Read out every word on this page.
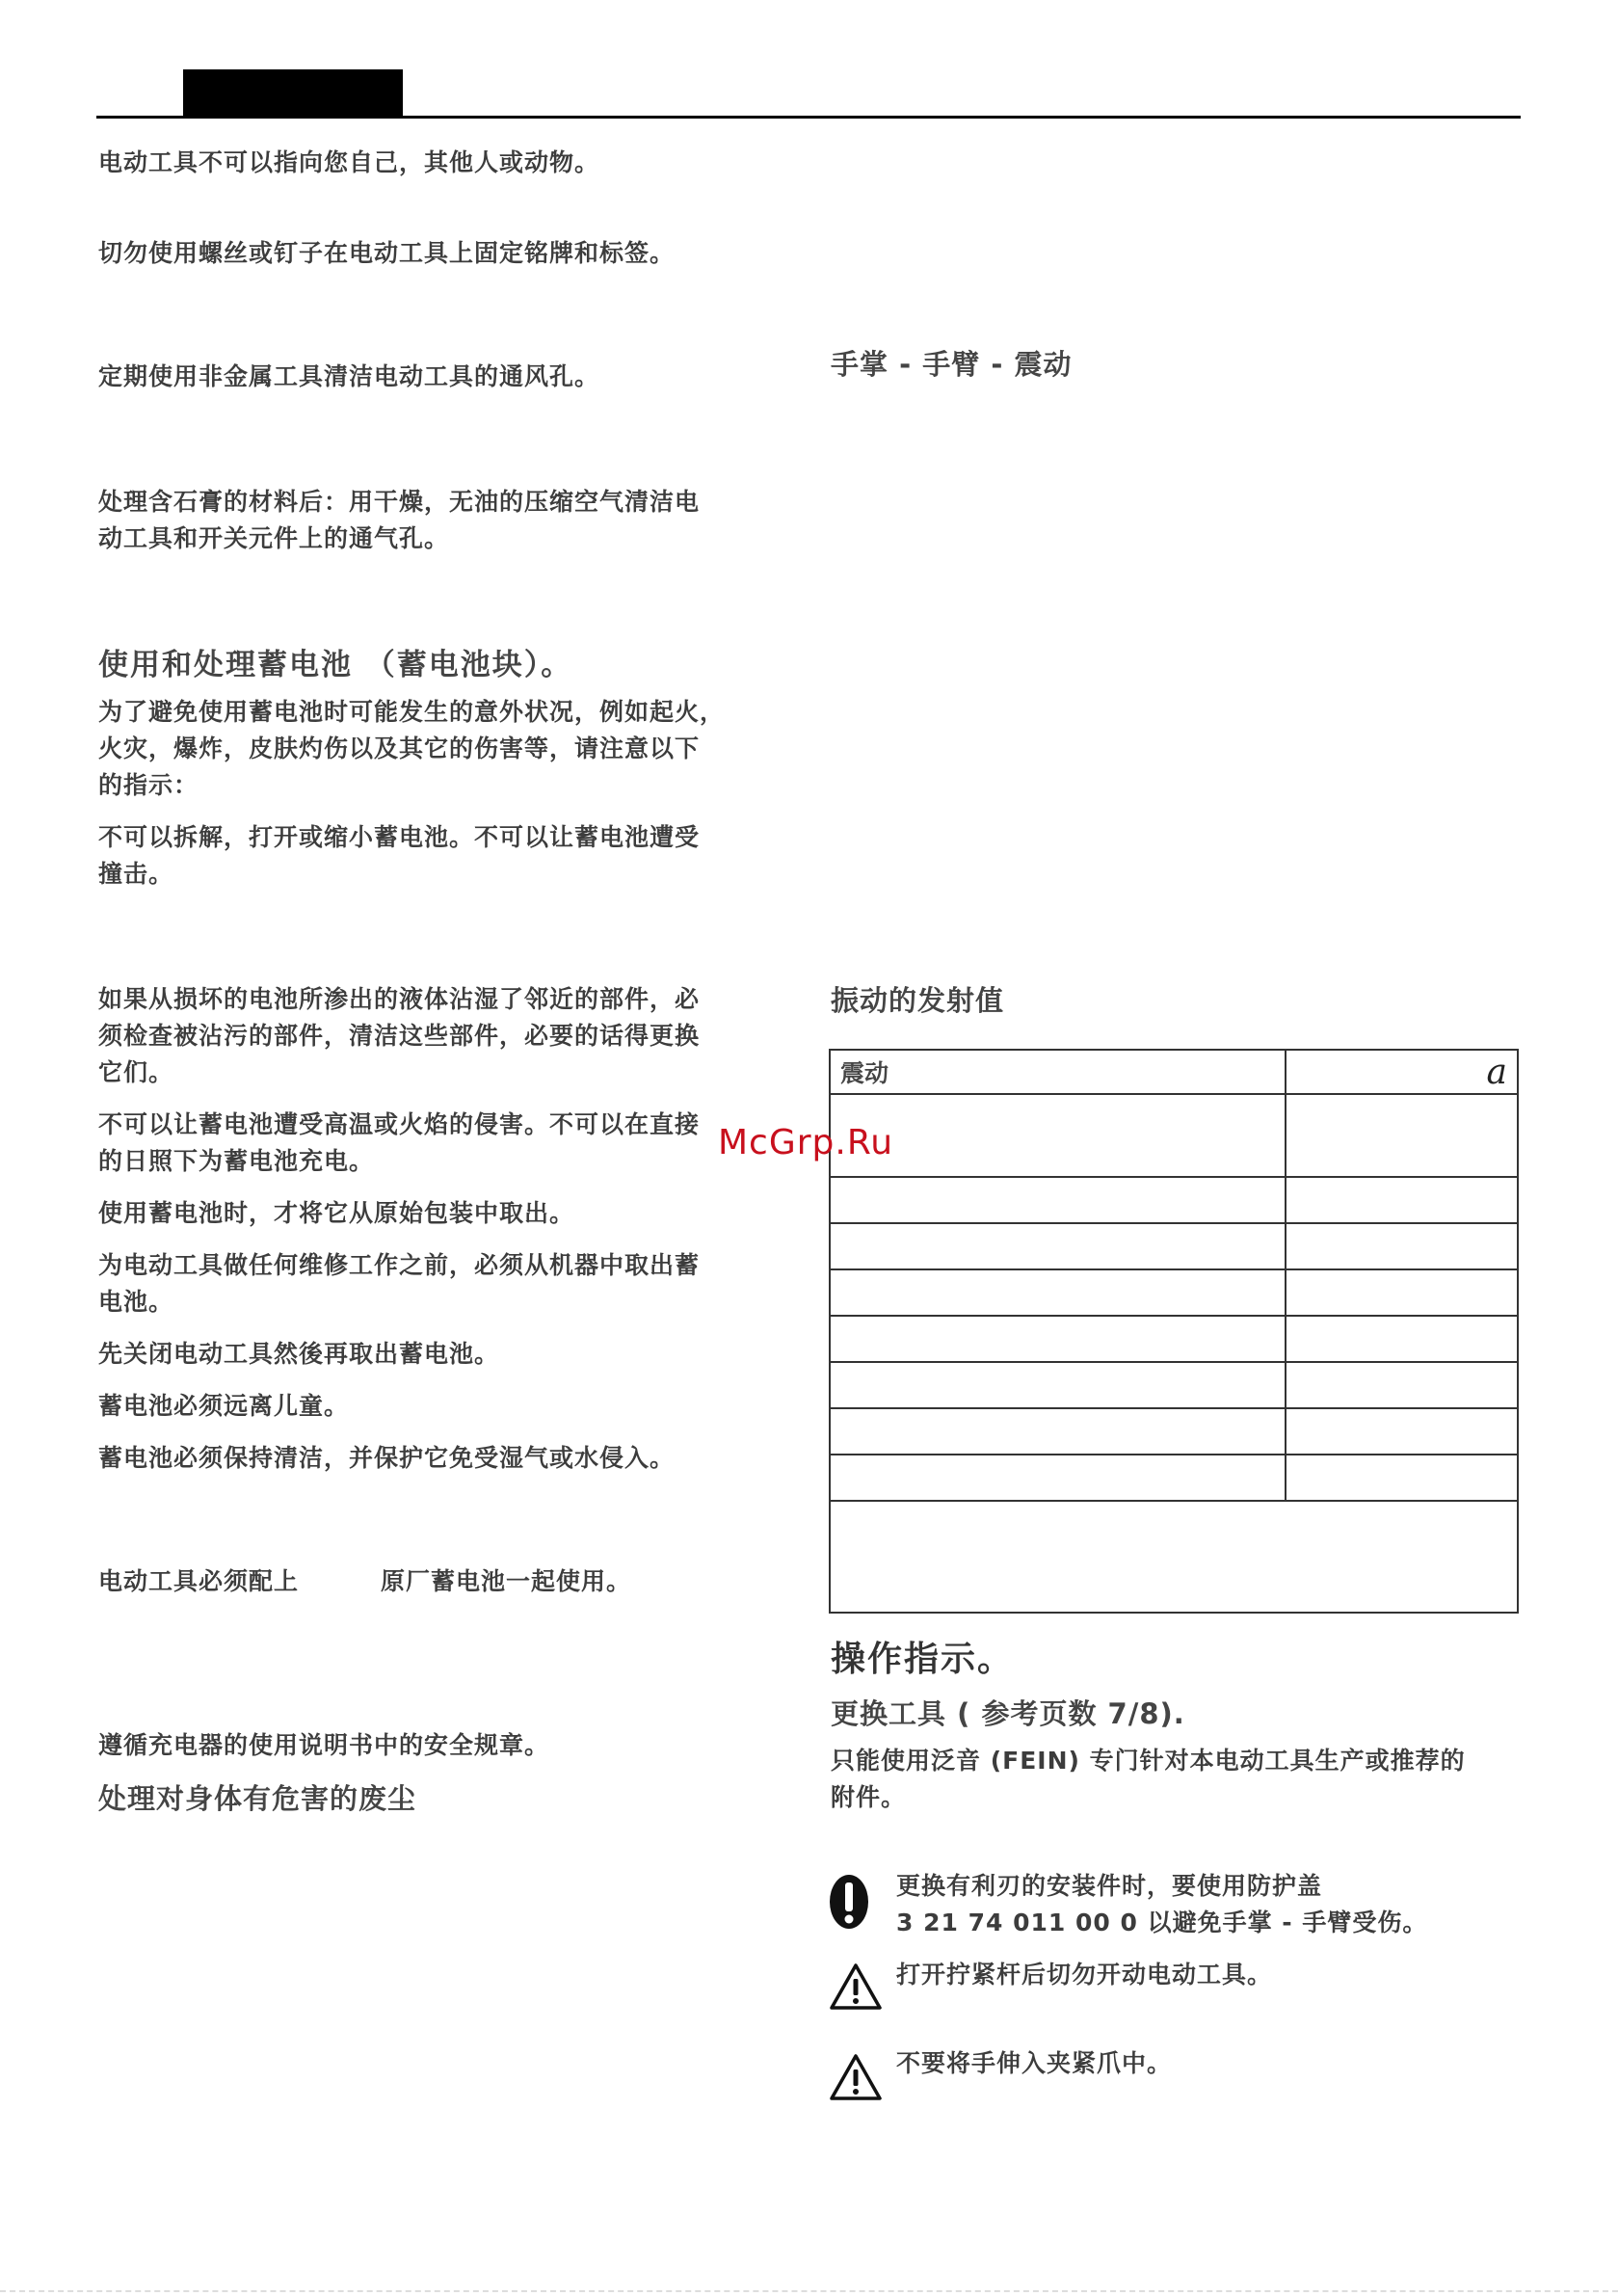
电动工具不可以指向您自己，其他人或动物。
切勿使用螺丝或钉子在电动工具上固定铭牌和标签。
定期使用非金属工具清洁电动工具的通风孔。
处理含石膏的材料后：用干燥，无油的压缩空气清洁电
动工具和开关元件上的通气孔。
使用和处理蓄电池 （蓄电池块）。
为了避免使用蓄电池时可能发生的意外状况，例如起火，
火灾，爆炸，皮肤灼伤以及其它的伤害等，请注意以下
的指示：
不可以拆解，打开或缩小蓄电池。不可以让蓄电池遭受
撞击。
如果从损坏的电池所渗出的液体沾湿了邻近的部件，必
须检查被沾污的部件，清洁这些部件，必要的话得更换
它们。
不可以让蓄电池遭受高温或火焰的侵害。不可以在直接
的日照下为蓄电池充电。
使用蓄电池时，才将它从原始包装中取出。
为电动工具做任何维修工作之前，必须从机器中取出蓄
电池。
先关闭电动工具然後再取出蓄电池。
蓄电池必须远离儿童。
蓄电池必须保持清洁，并保护它免受湿气或水侵入。
电动工具必须配上	原厂蓄电池一起使用。
遵循充电器的使用说明书中的安全规章。
处理对身体有危害的废尘
手掌 - 手臂 - 震动
振动的发射值
震动	a

McGrp.Ru
操作指示。
更换工具 ( 参考页数 7/8).
只能使用泛音 (FEIN) 专门针对本电动工具生产或推荐的
附件。
更换有利刃的安装件时，要使用防护盖
3 21 74 011 00 0 以避免手掌 - 手臂受伤。
打开拧紧杆后切勿开动电动工具。
不要将手伸入夹紧爪中。
